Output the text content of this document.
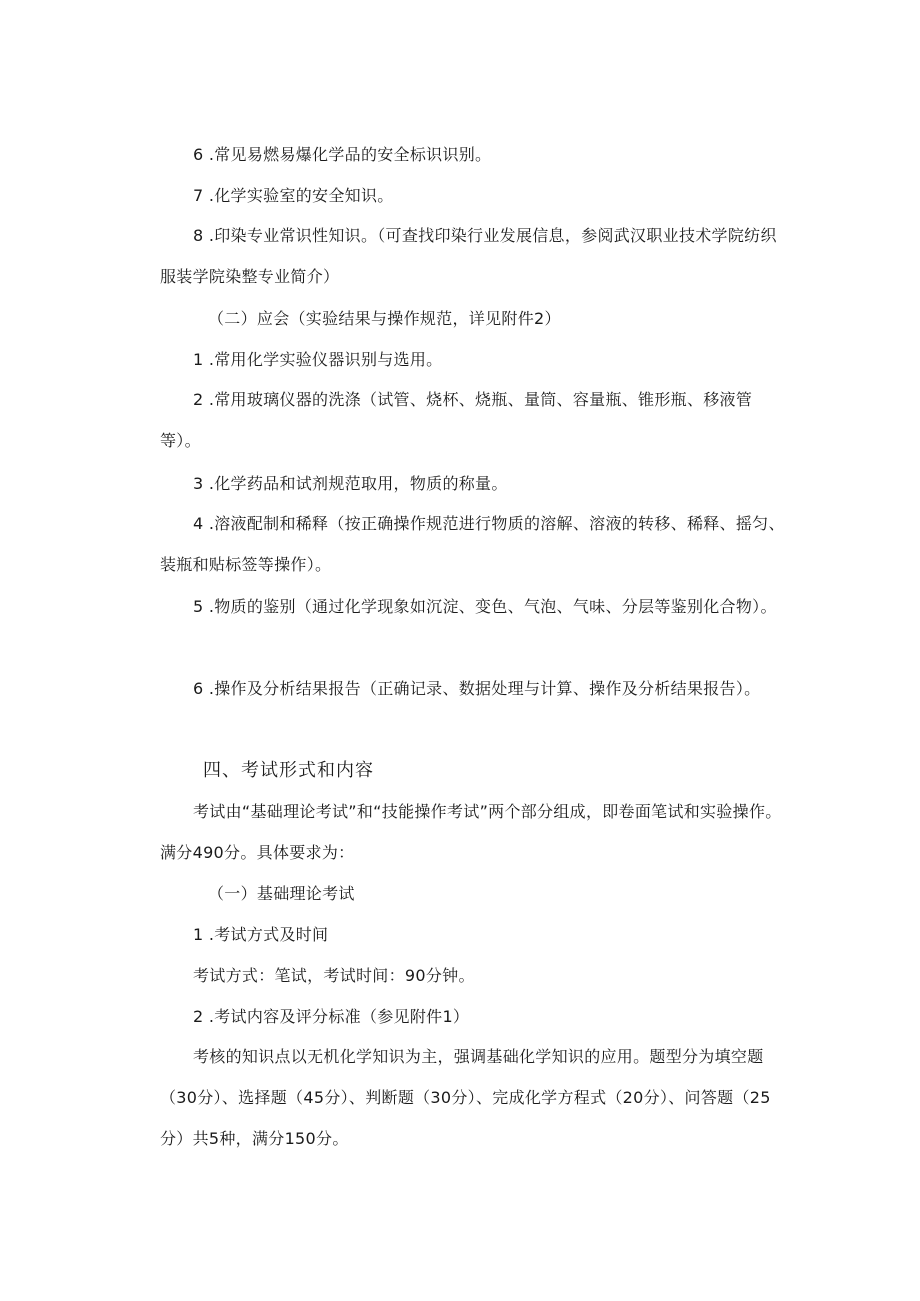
6 .常见易燃易爆化学品的安全标识识别。
7 .化学实验室的安全知识。
8 .印染专业常识性知识。（可查找印染行业发展信息，参阅武汉职业技术学院纺织服装学院染整专业简介）
（二）应会（实验结果与操作规范，详见附件2）
1 .常用化学实验仪器识别与选用。
2 .常用玻璃仪器的洗涤（试管、烧杯、烧瓶、量筒、容量瓶、锥形瓶、移液管等）。
3 .化学药品和试剂规范取用，物质的称量。
4 .溶液配制和稀释（按正确操作规范进行物质的溶解、溶液的转移、稀释、摇匀、装瓶和贴标签等操作）。
5 .物质的鉴别（通过化学现象如沉淀、变色、气泡、气味、分层等鉴别化合物）。
6 .操作及分析结果报告（正确记录、数据处理与计算、操作及分析结果报告）。
四、考试形式和内容
考试由“基础理论考试”和“技能操作考试”两个部分组成，即卷面笔试和实验操作。满分490分。具体要求为：
（一）基础理论考试
1 .考试方式及时间
考试方式：笔试，考试时间：90分钟。
2 .考试内容及评分标准（参见附件1）
考核的知识点以无机化学知识为主，强调基础化学知识的应用。题型分为填空题（30分）、选择题（45分）、判断题（30分）、完成化学方程式（20分）、问答题（25分）共5种，满分150分。
